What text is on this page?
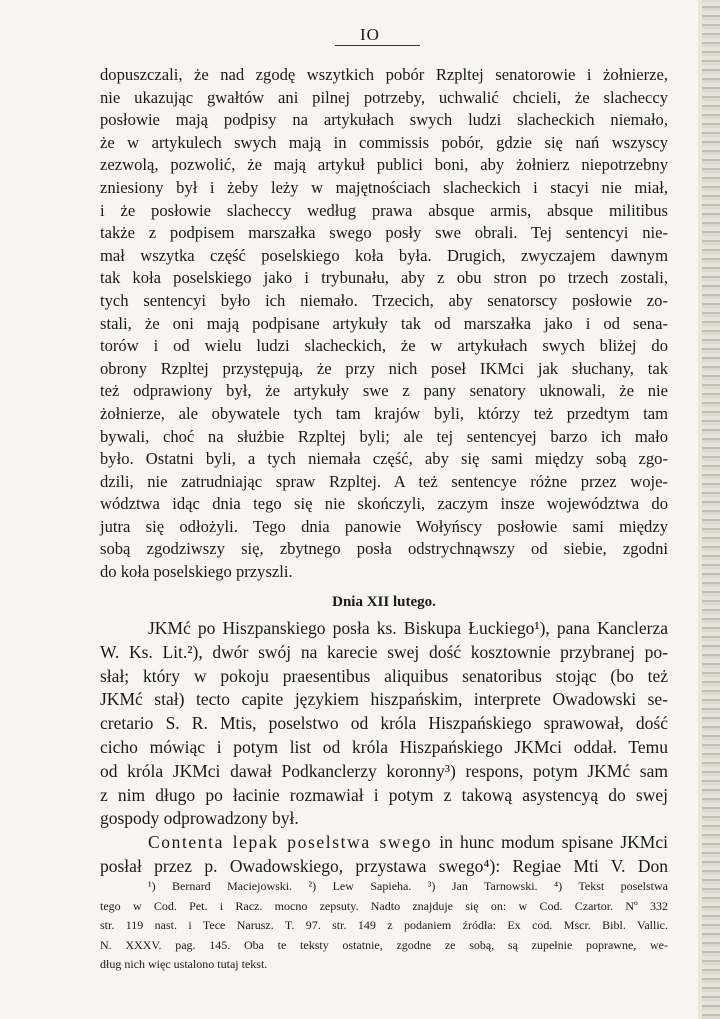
IO
dopuszczali, że nad zgodę wszytkich pobór Rzpltej senatorowie i żołnierze,
nie ukazując gwałtów ani pilnej potrzeby, uchwalić chcieli, że slacheccy
posłowie mają podpisy na artykułach swych ludzi slacheckich niemało,
że w artykulech swych mają in commissis pobór, gdzie się nań wszyscy
zezwolą, pozwolić, że mają artykuł publici boni, aby żołnierz niepotrzebny
zniesiony był i żeby leży w majętnościach slacheckich i stacyi nie miał,
i że posłowie slacheccy według prawa absque armis, absque militibus
także z podpisem marszałka swego posły swe obrali. Tej sentencyi nie-
mał wszytka część poselskiego koła była. Drugich, zwyczajem dawnym
tak koła poselskiego jako i trybunału, aby z obu stron po trzech zostali,
tych sentencyi było ich niemało. Trzecich, aby senatorscy posłowie zo-
stali, że oni mają podpisane artykuły tak od marszałka jako i od sena-
torów i od wielu ludzi slacheckich, że w artykułach swych bliżej do
obrony Rzpltej przystępują, że przy nich poseł IKMci jak słuchany, tak
też odprawiony był, że artykuły swe z pany senatory uknowali, że nie
żołnierze, ale obywatele tych tam krajów byli, którzy też przedtym tam
bywali, choć na służbie Rzpltej byli; ale tej sentencyej barzo ich mało
było. Ostatni byli, a tych niemała część, aby się sami między sobą zgo-
dzili, nie zatrudniając spraw Rzpltej. A też sentencye różne przez woje-
wództwa idąc dnia tego się nie skończyli, zaczym insze województwa do
jutra się odłożyli. Tego dnia panowie Wołyńscy posłowie sami między
sobą zgodziwszy się, zbytnego posła odstrychnąwszy od siebie, zgodni
do koła poselskiego przyszli.
Dnia XII lutego.
JKMć po Hiszpanskiego posła ks. Biskupa Łuckiego¹), pana Kanclerza
W. Ks. Lit.²), dwór swój na karecie swej dość kosztownie przybranej po-
słał; który w pokoju praesentibus aliquibus senatoribus stojąc (bo też
JKMć stał) tecto capite językiem hiszpańskim, interprete Owadowski se-
cretario S. R. Mtis, poselstwo od króla Hiszpańskiego sprawował, dość
cicho mówiąc i potym list od króla Hiszpańskiego JKMci oddał. Temu
od króla JKMci dawał Podkanclerzy koronny³) respons, potym JKMć sam
z nim długo po łacinie rozmawiał i potym z takową asystencyą do swej
gospody odprowadzony był.
Contenta lepak poselstwa swego in hunc modum spisane JKMci
posłał przez p. Owadowskiego, przystawa swego⁴): Regiae Mti V. Don
¹) Bernard Maciejowski. ²) Lew Sapieha. ³) Jan Tarnowski. ⁴) Tekst poselstwa
tego w Cod. Pet. i Racz. mocno zepsuty. Nadto znajduje się on: w Cod. Czartor. Nº 332
str. 119 nast. i Tece Narusz. T. 97. str. 149 z podaniem źródła: Ex cod. Mscr. Bibl. Vallic.
N. XXXV. pag. 145. Oba te teksty ostatnie, zgodne ze sobą, są zupełnie poprawne, we-
dług nich więc ustalono tutaj tekst.
